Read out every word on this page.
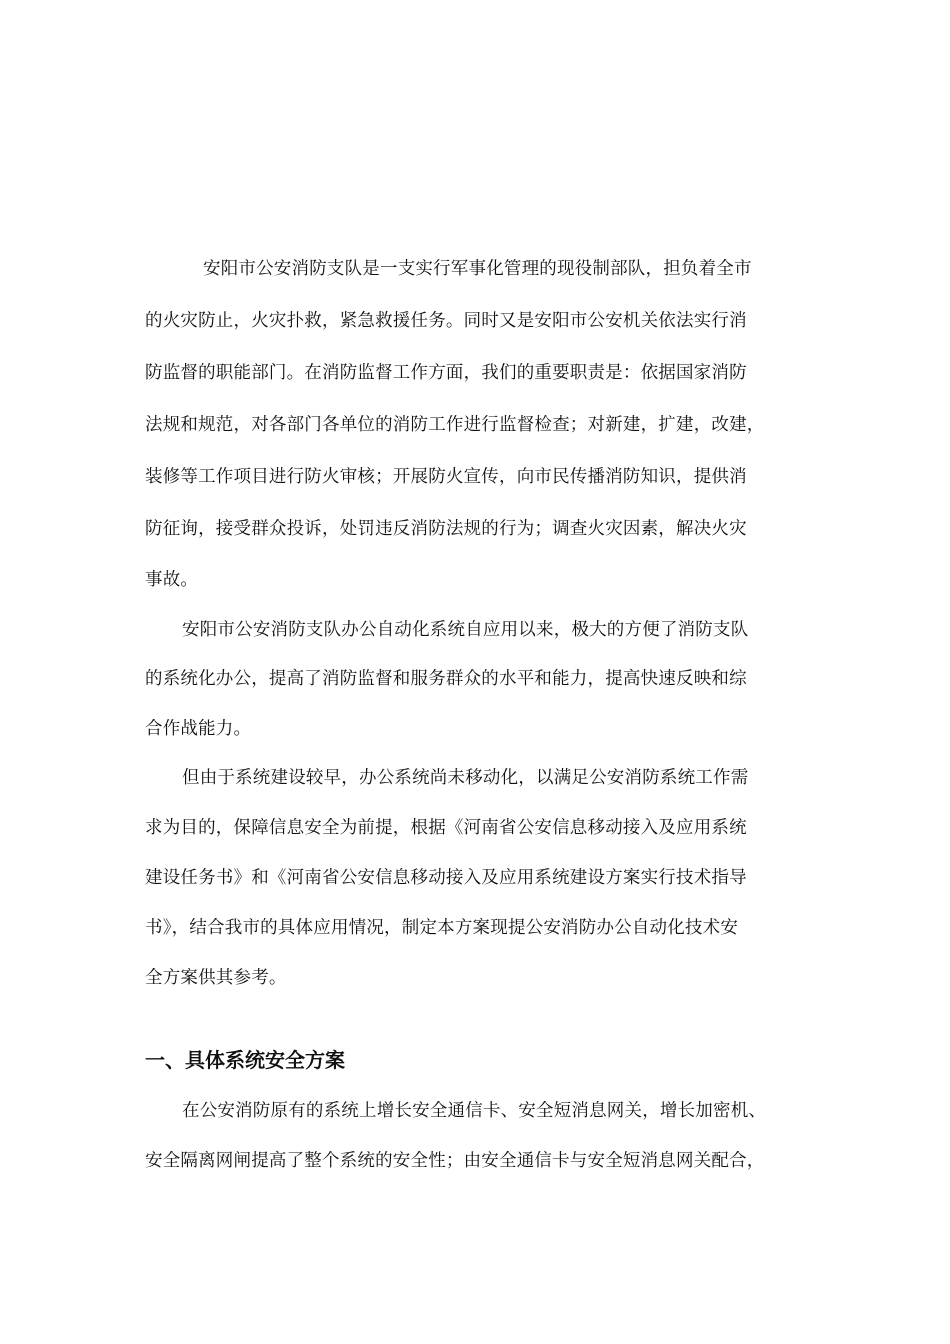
安阳市公安消防支队是一支实行军事化管理的现役制部队，担负着全市
的火灾防止，火灾扑救，紧急救援任务。同时又是安阳市公安机关依法实行消
防监督的职能部门。在消防监督工作方面，我们的重要职责是：依据国家消防
法规和规范，对各部门各单位的消防工作进行监督检查；对新建，扩建，改建，
装修等工作项目进行防火审核；开展防火宣传，向市民传播消防知识，提供消
防征询，接受群众投诉，处罚违反消防法规的行为；调查火灾因素，解决火灾
事故。
安阳市公安消防支队办公自动化系统自应用以来，极大的方便了消防支队
的系统化办公，提高了消防监督和服务群众的水平和能力，提高快速反映和综
合作战能力。
但由于系统建设较早，办公系统尚未移动化，以满足公安消防系统工作需
求为目的，保障信息安全为前提，根据《河南省公安信息移动接入及应用系统
建设任务书》和《河南省公安信息移动接入及应用系统建设方案实行技术指导
书》，结合我市的具体应用情况，制定本方案现提公安消防办公自动化技术安
全方案供其参考。
一、具体系统安全方案
在公安消防原有的系统上增长安全通信卡、安全短消息网关，增长加密机、
安全隔离网闸提高了整个系统的安全性；由安全通信卡与安全短消息网关配合，
